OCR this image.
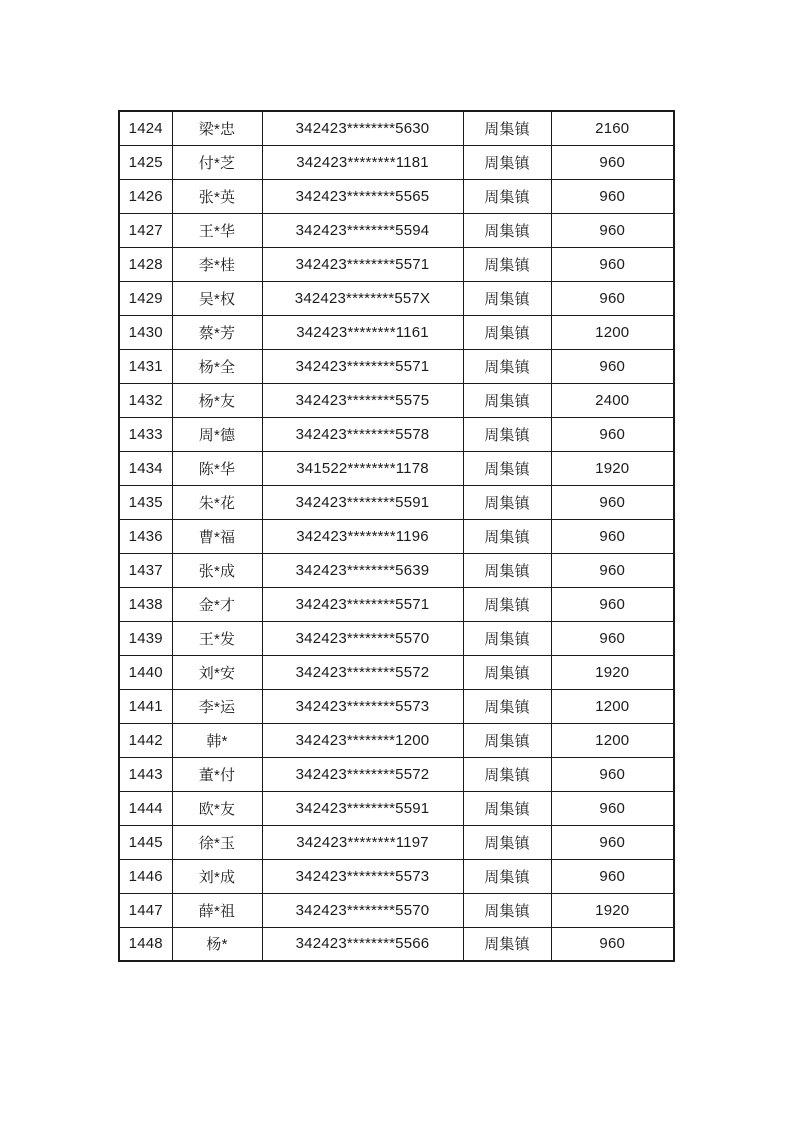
1424	梁*忠	342423********5630	周集镇	2160
1425	付*芝	342423********1181	周集镇	960
1426	张*英	342423********5565	周集镇	960
1427	王*华	342423********5594	周集镇	960
1428	李*桂	342423********5571	周集镇	960
1429	吴*权	342423********557X	周集镇	960
1430	蔡*芳	342423********1161	周集镇	1200
1431	杨*全	342423********5571	周集镇	960
1432	杨*友	342423********5575	周集镇	2400
1433	周*德	342423********5578	周集镇	960
1434	陈*华	341522********1178	周集镇	1920
1435	朱*花	342423********5591	周集镇	960
1436	曹*福	342423********1196	周集镇	960
1437	张*成	342423********5639	周集镇	960
1438	金*才	342423********5571	周集镇	960
1439	王*发	342423********5570	周集镇	960
1440	刘*安	342423********5572	周集镇	1920
1441	李*运	342423********5573	周集镇	1200
1442	韩*	342423********1200	周集镇	1200
1443	董*付	342423********5572	周集镇	960
1444	欧*友	342423********5591	周集镇	960
1445	徐*玉	342423********1197	周集镇	960
1446	刘*成	342423********5573	周集镇	960
1447	薛*祖	342423********5570	周集镇	1920
1448	杨*	342423********5566	周集镇	960
